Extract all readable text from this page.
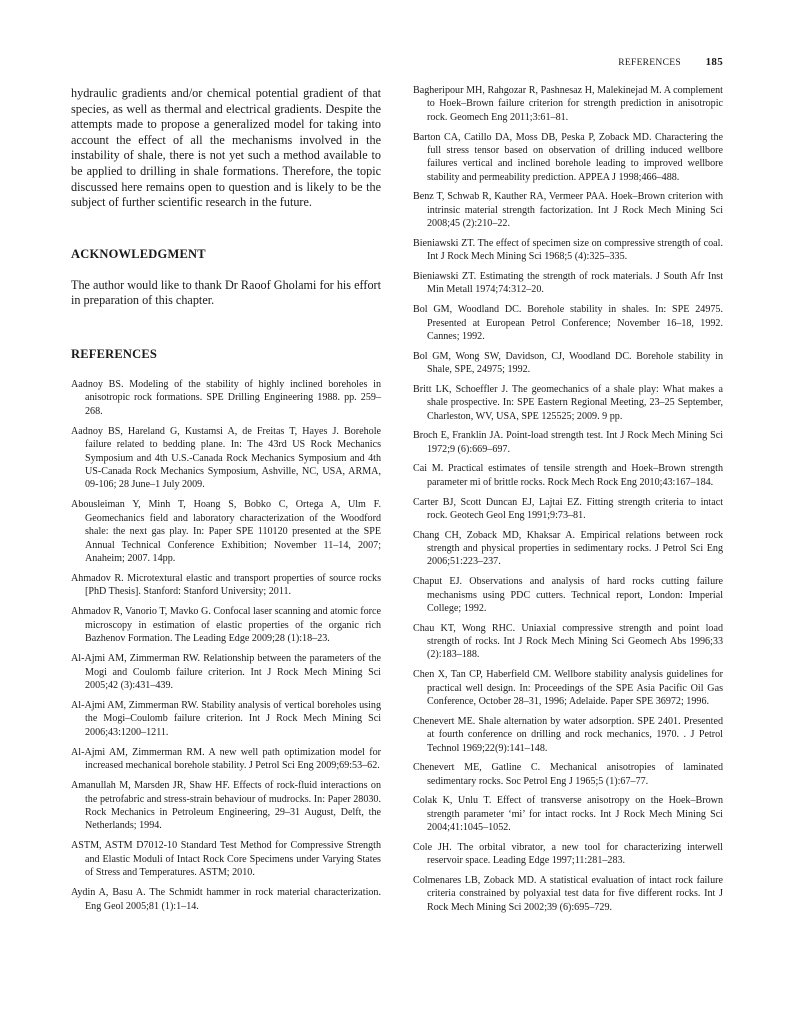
REFERENCES 185

hydraulic gradients and/or chemical potential gradient of that species, as well as thermal and electrical gradients. Despite the attempts made to propose a generalized model for taking into account the effect of all the mechanisms involved in the instability of shale, there is not yet such a method available to be applied to drilling in shale formations. Therefore, the topic discussed here remains open to question and is likely to be the subject of further scientific research in the future.

ACKNOWLEDGMENT

The author would like to thank Dr Raoof Gholami for his effort in preparation of this chapter.

REFERENCES
Aadnoy BS. Modeling of the stability of highly inclined boreholes in anisotropic rock formations. SPE Drilling Engineering 1988. pp. 259–268.
Aadnoy BS, Hareland G, Kustamsi A, de Freitas T, Hayes J. Borehole failure related to bedding plane. In: The 43rd US Rock Mechanics Symposium and 4th U.S.-Canada Rock Mechanics Symposium and 4th US-Canada Rock Mechanics Symposium, Ashville, NC, USA, ARMA, 09-106; 28 June–1 July 2009.
Abousleiman Y, Minh T, Hoang S, Bobko C, Ortega A, Ulm F. Geomechanics field and laboratory characterization of the Woodford shale: the next gas play. In: Paper SPE 110120 presented at the SPE Annual Technical Conference Exhibition; November 11–14, 2007; Anaheim; 2007. 14pp.
Ahmadov R. Microtextural elastic and transport properties of source rocks [PhD Thesis]. Stanford: Stanford University; 2011.
Ahmadov R, Vanorio T, Mavko G. Confocal laser scanning and atomic force microscopy in estimation of elastic properties of the organic rich Bazhenov Formation. The Leading Edge 2009;28 (1):18–23.
Al-Ajmi AM, Zimmerman RW. Relationship between the parameters of the Mogi and Coulomb failure criterion. Int J Rock Mech Mining Sci 2005;42 (3):431–439.
Al-Ajmi AM, Zimmerman RW. Stability analysis of vertical boreholes using the Mogi–Coulomb failure criterion. Int J Rock Mech Mining Sci 2006;43:1200–1211.
Al-Ajmi AM, Zimmerman RM. A new well path optimization model for increased mechanical borehole stability. J Petrol Sci Eng 2009;69:53–62.
Amanullah M, Marsden JR, Shaw HF. Effects of rock-fluid interactions on the petrofabric and stress-strain behaviour of mudrocks. In: Paper 28030. Rock Mechanics in Petroleum Engineering, 29–31 August, Delft, the Netherlands; 1994.
ASTM, ASTM D7012-10 Standard Test Method for Compressive Strength and Elastic Moduli of Intact Rock Core Specimens under Varying States of Stress and Temperatures. ASTM; 2010.
Aydin A, Basu A. The Schmidt hammer in rock material characterization. Eng Geol 2005;81 (1):1–14.
Bagheripour MH, Rahgozar R, Pashnesaz H, Malekinejad M. A complement to Hoek–Brown failure criterion for strength prediction in anisotropic rock. Geomech Eng 2011;3:61–81.
Barton CA, Catillo DA, Moss DB, Peska P, Zoback MD. Charactering the full stress tensor based on observation of drilling induced wellbore failures vertical and inclined borehole leading to improved wellbore stability and permeability prediction. APPEA J 1998;466–488.
Benz T, Schwab R, Kauther RA, Vermeer PAA. Hoek–Brown criterion with intrinsic material strength factorization. Int J Rock Mech Mining Sci 2008;45 (2):210–22.
Bieniawski ZT. The effect of specimen size on compressive strength of coal. Int J Rock Mech Mining Sci 1968;5 (4):325–335.
Bieniawski ZT. Estimating the strength of rock materials. J South Afr Inst Min Metall 1974;74:312–20.
Bol GM, Woodland DC. Borehole stability in shales. In: SPE 24975. Presented at European Petrol Conference; November 16–18, 1992. Cannes; 1992.
Bol GM, Wong SW, Davidson, CJ, Woodland DC. Borehole stability in Shale, SPE, 24975; 1992.
Britt LK, Schoeffler J. The geomechanics of a shale play: What makes a shale prospective. In: SPE Eastern Regional Meeting, 23–25 September, Charleston, WV, USA, SPE 125525; 2009. 9 pp.
Broch E, Franklin JA. Point-load strength test. Int J Rock Mech Mining Sci 1972;9 (6):669–697.
Cai M. Practical estimates of tensile strength and Hoek–Brown strength parameter mi of brittle rocks. Rock Mech Rock Eng 2010;43:167–184.
Carter BJ, Scott Duncan EJ, Lajtai EZ. Fitting strength criteria to intact rock. Geotech Geol Eng 1991;9:73–81.
Chang CH, Zoback MD, Khaksar A. Empirical relations between rock strength and physical properties in sedimentary rocks. J Petrol Sci Eng 2006;51:223–237.
Chaput EJ. Observations and analysis of hard rocks cutting failure mechanisms using PDC cutters. Technical report, London: Imperial College; 1992.
Chau KT, Wong RHC. Uniaxial compressive strength and point load strength of rocks. Int J Rock Mech Mining Sci Geomech Abs 1996;33 (2):183–188.
Chen X, Tan CP, Haberfield CM. Wellbore stability analysis guidelines for practical well design. In: Proceedings of the SPE Asia Pacific Oil Gas Conference, October 28–31, 1996; Adelaide. Paper SPE 36972; 1996.
Chenevert ME. Shale alternation by water adsorption. SPE 2401. Presented at fourth conference on drilling and rock mechanics, 1970. . J Petrol Technol 1969;22(9):141–148.
Chenevert ME, Gatline C. Mechanical anisotropies of laminated sedimentary rocks. Soc Petrol Eng J 1965;5 (1):67–77.
Colak K, Unlu T. Effect of transverse anisotropy on the Hoek–Brown strength parameter ‘mi’ for intact rocks. Int J Rock Mech Mining Sci 2004;41:1045–1052.
Cole JH. The orbital vibrator, a new tool for characterizing interwell reservoir space. Leading Edge 1997;11:281–283.
Colmenares LB, Zoback MD. A statistical evaluation of intact rock failure criteria constrained by polyaxial test data for five different rocks. Int J Rock Mech Mining Sci 2002;39 (6):695–729.
